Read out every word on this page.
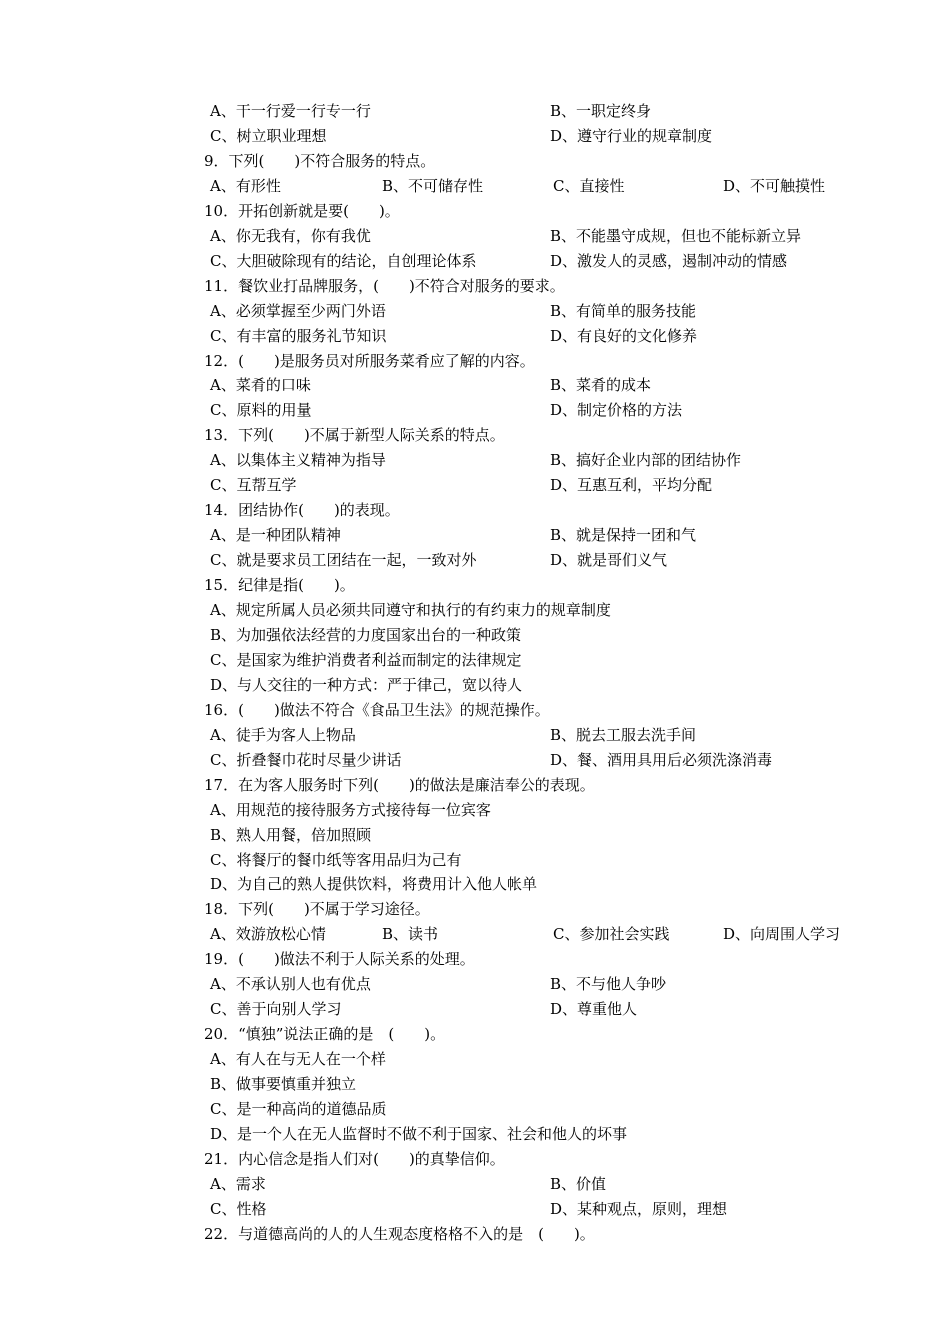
A、干一行爱一行专一行	B、一职定终身
C、树立职业理想	D、遵守行业的规章制度
9．下列(　　)不符合服务的特点。
A、有形性	B、不可储存性	C、直接性	D、不可触摸性
10．开拓创新就是要(　　)。
A、你无我有，你有我优	B、不能墨守成规，但也不能标新立异
C、大胆破除现有的结论，自创理论体系	D、激发人的灵感，遏制冲动的情感
11．餐饮业打品牌服务，(　　)不符合对服务的要求。
A、必须掌握至少两门外语	B、有简单的服务技能
C、有丰富的服务礼节知识	D、有良好的文化修养
12．(　　)是服务员对所服务菜肴应了解的内容。
A、菜肴的口味	B、菜肴的成本
C、原料的用量	D、制定价格的方法
13．下列(　　)不属于新型人际关系的特点。
A、以集体主义精神为指导	B、搞好企业内部的团结协作
C、互帮互学	D、互惠互利，平均分配
14．团结协作(　　)的表现。
A、是一种团队精神	B、就是保持一团和气
C、就是要求员工团结在一起，一致对外	D、就是哥们义气
15．纪律是指(　　)。
A、规定所属人员必须共同遵守和执行的有约束力的规章制度
B、为加强依法经营的力度国家出台的一种政策
C、是国家为维护消费者利益而制定的法律规定
D、与人交往的一种方式：严于律己，宽以待人
16．(　　)做法不符合《食品卫生法》的规范操作。
A、徒手为客人上物品	B、脱去工服去洗手间
C、折叠餐巾花时尽量少讲话	D、餐、酒用具用后必须洗涤消毒
17．在为客人服务时下列(　　)的做法是廉洁奉公的表现。
A、用规范的接待服务方式接待每一位宾客
B、熟人用餐，倍加照顾
C、将餐厅的餐巾纸等客用品归为己有
D、为自己的熟人提供饮料，将费用计入他人帐单
18．下列(　　)不属于学习途径。
A、效游放松心情	B、读书	C、参加社会实践	D、向周围人学习
19．(　　)做法不利于人际关系的处理。
A、不承认别人也有优点	B、不与他人争吵
C、善于向别人学习	D、尊重他人
20．“慎独”说法正确的是　(　　)。
A、有人在与无人在一个样
B、做事要慎重并独立
C、是一种高尚的道德品质
D、是一个人在无人监督时不做不利于国家、社会和他人的坏事
21．内心信念是指人们对(　　)的真挚信仰。
A、需求	B、价值
C、性格	D、某种观点，原则，理想
22．与道德高尚的人的人生观态度格格不入的是　(　　)。
